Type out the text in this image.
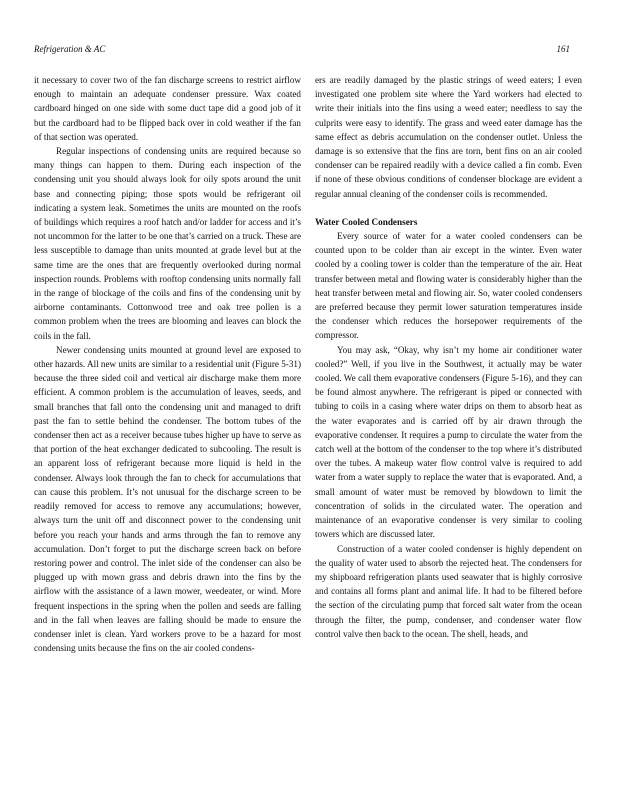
Refrigeration & AC	161

it necessary to cover two of the fan discharge screens to restrict airflow enough to maintain an adequate condenser pressure. Wax coated cardboard hinged on one side with some duct tape did a good job of it but the cardboard had to be flipped back over in cold weather if the fan of that section was operated.

Regular inspections of condensing units are required because so many things can happen to them. During each inspection of the condensing unit you should always look for oily spots around the unit base and connecting piping; those spots would be refrigerant oil indicating a system leak. Sometimes the units are mounted on the roofs of buildings which requires a roof hatch and/or ladder for access and it’s not uncommon for the latter to be one that’s carried on a truck. These are less susceptible to damage than units mounted at grade level but at the same time are the ones that are frequently overlooked during normal inspection rounds. Problems with rooftop condensing units normally fall in the range of blockage of the coils and fins of the condensing unit by airborne contaminants. Cottonwood tree and oak tree pollen is a common problem when the trees are blooming and leaves can block the coils in the fall.

Newer condensing units mounted at ground level are exposed to other hazards. All new units are similar to a residential unit (Figure 5-31) because the three sided coil and vertical air discharge make them more efficient. A common problem is the accumulation of leaves, seeds, and small branches that fall onto the condensing unit and managed to drift past the fan to settle behind the condenser. The bottom tubes of the condenser then act as a receiver because tubes higher up have to serve as that portion of the heat exchanger dedicated to subcooling. The result is an apparent loss of refrigerant because more liquid is held in the condenser. Always look through the fan to check for accumulations that can cause this problem. It’s not unusual for the discharge screen to be readily removed for access to remove any accumulations; however, always turn the unit off and disconnect power to the condensing unit before you reach your hands and arms through the fan to remove any accumulation. Don’t forget to put the discharge screen back on before restoring power and control. The inlet side of the condenser can also be plugged up with mown grass and debris drawn into the fins by the airflow with the assistance of a lawn mower, weedeater, or wind. More frequent inspections in the spring when the pollen and seeds are falling and in the fall when leaves are falling should be made to ensure the condenser inlet is clean. Yard workers prove to be a hazard for most condensing units because the fins on the air cooled condens-

ers are readily damaged by the plastic strings of weed eaters; I even investigated one problem site where the Yard workers had elected to write their initials into the fins using a weed eater; needless to say the culprits were easy to identify. The grass and weed eater damage has the same effect as debris accumulation on the condenser outlet. Unless the damage is so extensive that the fins are torn, bent fins on an air cooled condenser can be repaired readily with a device called a fin comb. Even if none of these obvious conditions of condenser blockage are evident a regular annual cleaning of the condenser coils is recommended.

Water Cooled Condensers

Every source of water for a water cooled condensers can be counted upon to be colder than air except in the winter. Even water cooled by a cooling tower is colder than the temperature of the air. Heat transfer between metal and flowing water is considerably higher than the heat transfer between metal and flowing air. So, water cooled condensers are preferred because they permit lower saturation temperatures inside the condenser which reduces the horsepower requirements of the compressor.

You may ask, “Okay, why isn’t my home air conditioner water cooled?” Well, if you live in the Southwest, it actually may be water cooled. We call them evaporative condensers (Figure 5-16), and they can be found almost anywhere. The refrigerant is piped or connected with tubing to coils in a casing where water drips on them to absorb heat as the water evaporates and is carried off by air drawn through the evaporative condenser. It requires a pump to circulate the water from the catch well at the bottom of the condenser to the top where it’s distributed over the tubes. A makeup water flow control valve is required to add water from a water supply to replace the water that is evaporated. And, a small amount of water must be removed by blowdown to limit the concentration of solids in the circulated water. The operation and maintenance of an evaporative condenser is very similar to cooling towers which are discussed later.

Construction of a water cooled condenser is highly dependent on the quality of water used to absorb the rejected heat. The condensers for my shipboard refrigeration plants used seawater that is highly corrosive and contains all forms plant and animal life. It had to be filtered before the section of the circulating pump that forced salt water from the ocean through the filter, the pump, condenser, and condenser water flow control valve then back to the ocean. The shell, heads, and
